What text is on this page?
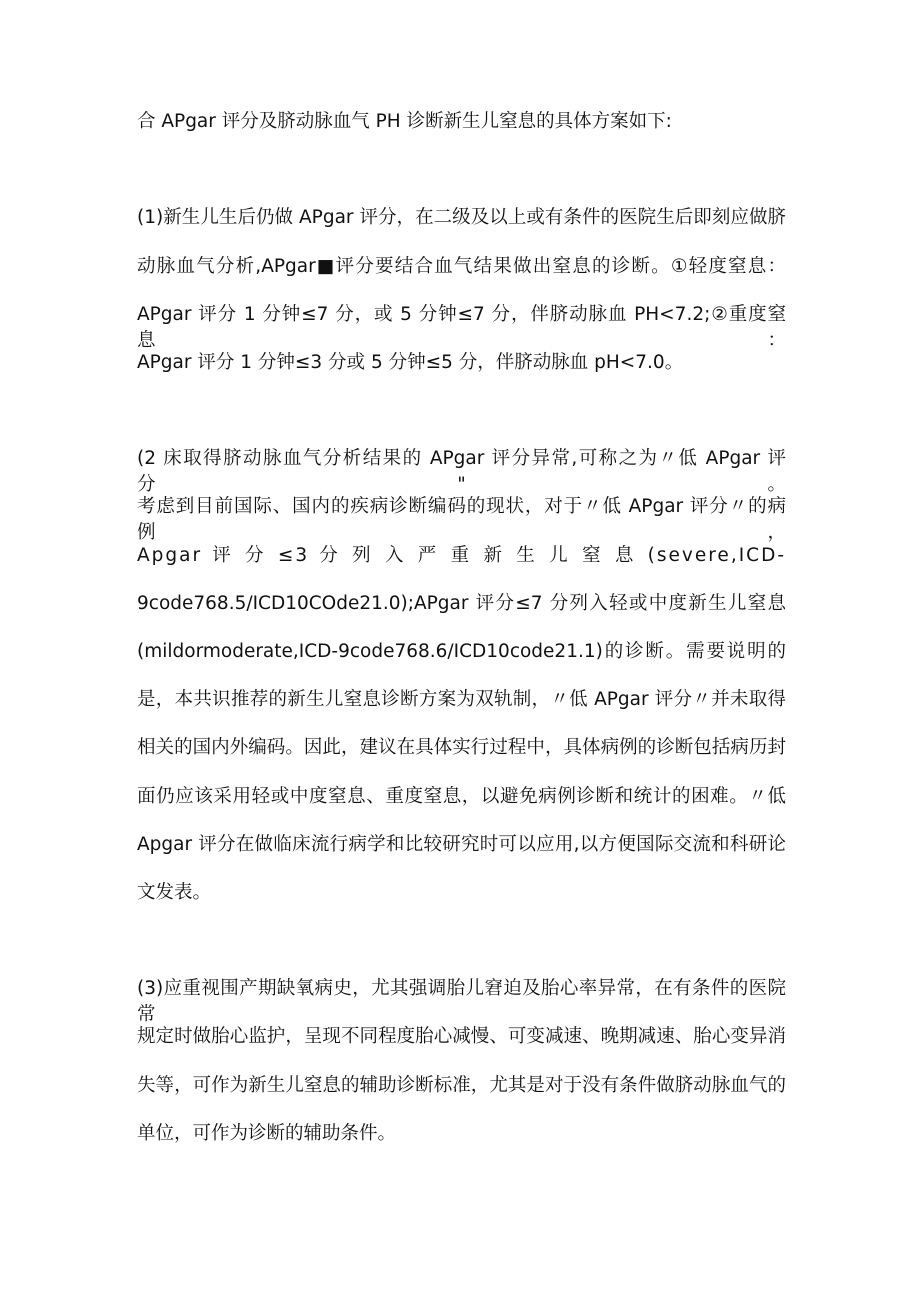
合 APgar 评分及脐动脉血气 PH 诊断新生儿窒息的具体方案如下:
(1)新生儿生后仍做 APgar 评分，在二级及以上或有条件的医院生后即刻应做脐
动脉血气分析,APgar■评分要结合血气结果做出窒息的诊断。①轻度窒息：
APgar 评分 1 分钟≤7 分，或 5 分钟≤7 分，伴脐动脉血 PH<7.2;②重度窒息：
APgar 评分 1 分钟≤3 分或 5 分钟≤5 分，伴脐动脉血 pH<7.0。
(2 床取得脐动脉血气分析结果的 APgar 评分异常,可称之为〃低 APgar 评分"。
考虑到目前国际、国内的疾病诊断编码的现状，对于〃低 APgar 评分〃的病例，
Apgar 评 分 ≤3 分 列 入 严 重 新 生 儿 窒 息 (severe,ICD-
9code768.5/ICD10COde21.0);APgar 评分≤7 分列入轻或中度新生儿窒息
(mildormoderate,ICD-9code768.6/ICD10code21.1)的诊断。需要说明的
是，本共识推荐的新生儿窒息诊断方案为双轨制，〃低 APgar 评分〃并未取得
相关的国内外编码。因此，建议在具体实行过程中，具体病例的诊断包括病历封
面仍应该采用轻或中度窒息、重度窒息，以避免病例诊断和统计的困难。〃低
Apgar 评分在做临床流行病学和比较研究时可以应用,以方便国际交流和科研论
文发表。
(3)应重视围产期缺氧病史，尤其强调胎儿窘迫及胎心率异常，在有条件的医院常
规定时做胎心监护，呈现不同程度胎心减慢、可变减速、晚期减速、胎心变异消
失等，可作为新生儿窒息的辅助诊断标准，尤其是对于没有条件做脐动脉血气的
单位，可作为诊断的辅助条件。
